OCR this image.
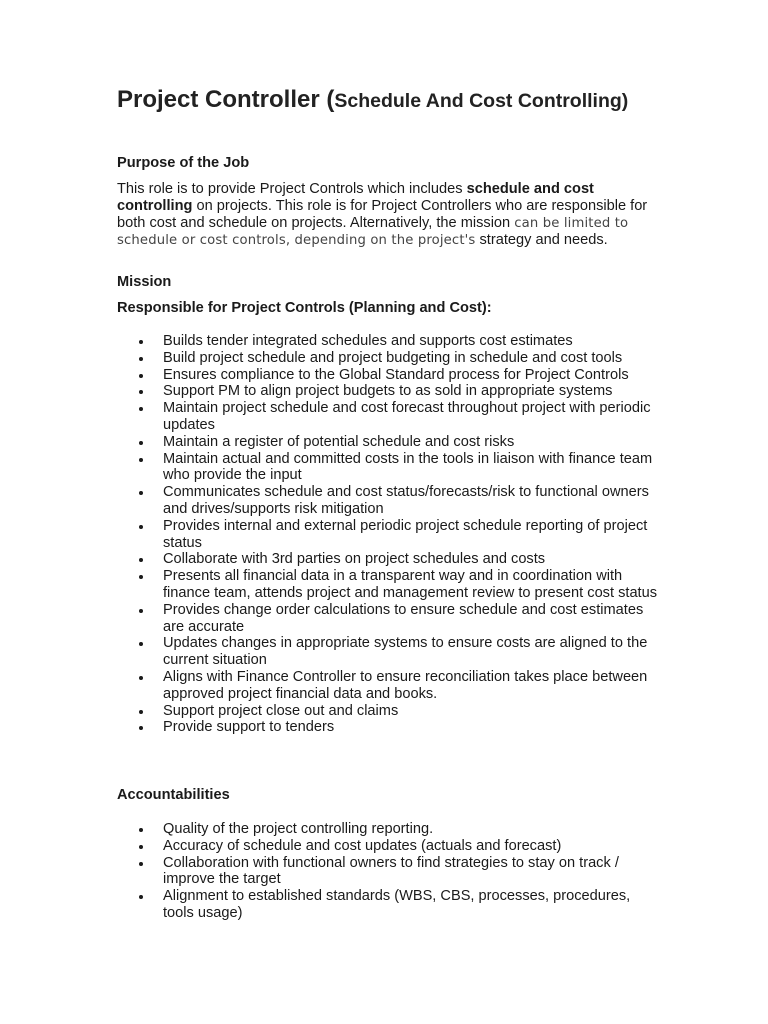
Project Controller (Schedule And Cost Controlling)
Purpose of the Job

This role is to provide Project Controls which includes schedule and cost controlling on projects. This role is for Project Controllers who are responsible for both cost and schedule on projects. Alternatively, the mission can be limited to schedule or cost controls, depending on the project's strategy and needs.

Mission
Responsible for Project Controls (Planning and Cost):
Builds tender integrated schedules and supports cost estimates
Build project schedule and project budgeting in schedule and cost tools
Ensures compliance to the Global Standard process for Project Controls
Support PM to align project budgets to as sold in appropriate systems
Maintain project schedule and cost forecast throughout project with periodic updates
Maintain a register of potential schedule and cost risks
Maintain actual and committed costs in the tools in liaison with finance team who provide the input
Communicates schedule and cost status/forecasts/risk to functional owners and drives/supports risk mitigation
Provides internal and external periodic project schedule reporting of project status
Collaborate with 3rd parties on project schedules and costs
Presents all financial data in a transparent way and in coordination with finance team, attends project and management review to present cost status
Provides change order calculations to ensure schedule and cost estimates are accurate
Updates changes in appropriate systems to ensure costs are aligned to the current situation
Aligns with Finance Controller to ensure reconciliation takes place between approved project financial data and books.
Support project close out and claims
Provide support to tenders
Accountabilities
Quality of the project controlling reporting.
Accuracy of schedule and cost updates (actuals and forecast)
Collaboration with functional owners to find strategies to stay on track / improve the target
Alignment to established standards (WBS, CBS, processes, procedures, tools usage)
